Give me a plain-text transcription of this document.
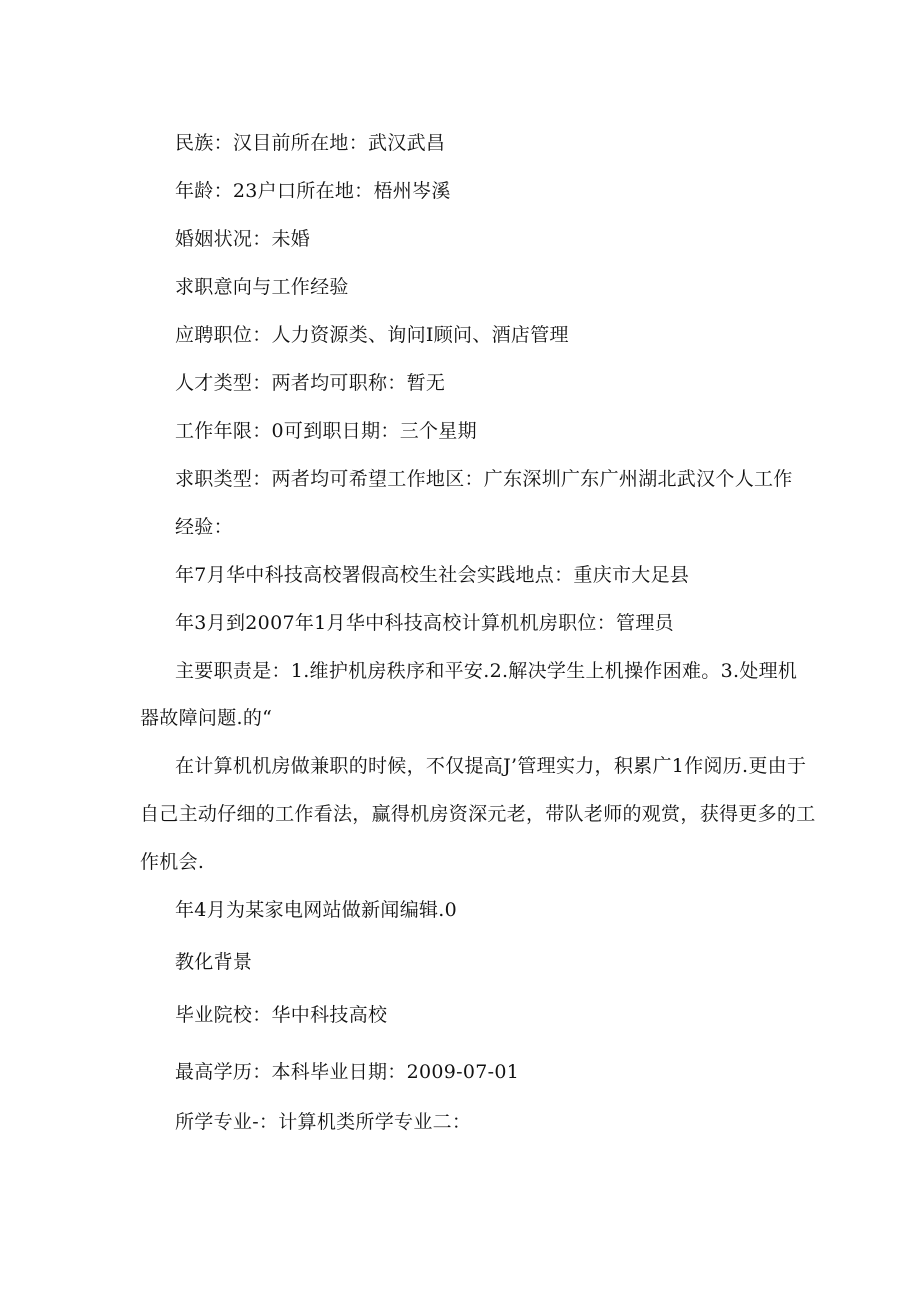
民族：汉目前所在地：武汉武昌
年龄：23户口所在地：梧州岑溪
婚姻状况：未婚
求职意向与工作经验
应聘职位：人力资源类、询问I顾问、酒店管理
人才类型：两者均可职称：暂无
工作年限：0可到职日期：三个星期
求职类型：两者均可希望工作地区：广东深圳广东广州湖北武汉个人工作
经验：
年7月华中科技高校署假高校生社会实践地点：重庆市大足县
年3月到2007年1月华中科技高校计算机机房职位：管理员
主要职责是：1.维护机房秩序和平安.2.解决学生上机操作困难。3.处理机
器故障问题.的“
在计算机机房做兼职的时候，不仅提高J’管理实力，积累广1作阅历.更由于
自己主动仔细的工作看法，赢得机房资深元老，带队老师的观赏，获得更多的工
作机会.
年4月为某家电网站做新闻编辑.0
教化背景
毕业院校：华中科技高校
最高学历：本科毕业日期：2009-07-01
所学专业-：计算机类所学专业二：
